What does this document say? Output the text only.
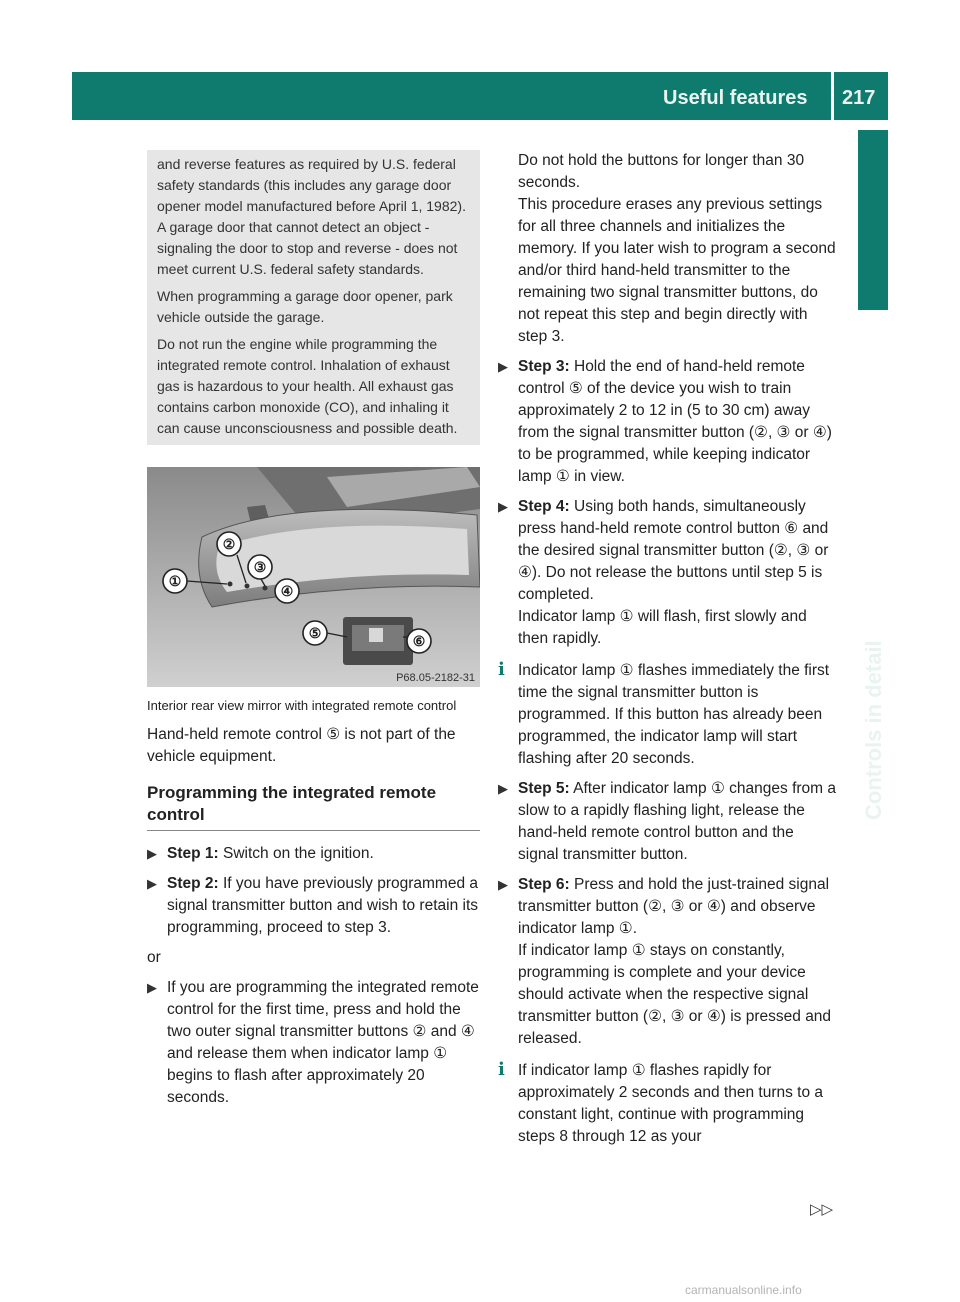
Useful features 217
Controls in detail

and reverse features as required by U.S. federal safety standards (this includes any garage door opener model manufactured before April 1, 1982). A garage door that cannot detect an object - signaling the door to stop and reverse - does not meet current U.S. federal safety standards.

When programming a garage door opener, park vehicle outside the garage.

Do not run the engine while programming the integrated remote control. Inhalation of exhaust gas is hazardous to your health. All exhaust gas contains carbon monoxide (CO), and inhaling it can cause unconsciousness and possible death.

①
②
③
④
⑤	⑥
P68.05-2182-31
Interior rear view mirror with integrated remote control

Hand-held remote control ⑤ is not part of the vehicle equipment.

Programming the integrated remote control
▶ Step 1: Switch on the ignition.
▶ Step 2: If you have previously programmed a signal transmitter button and wish to retain its programming, proceed to step 3.
or
▶ If you are programming the integrated remote control for the first time, press and hold the two outer signal transmitter buttons ② and ④ and release them when indicator lamp ① begins to flash after approximately 20 seconds.

Do not hold the buttons for longer than 30 seconds.

This procedure erases any previous settings for all three channels and initializes the memory. If you later wish to program a second and/or third hand-held transmitter to the remaining two signal transmitter buttons, do not repeat this step and begin directly with step 3.

▶ Step 3: Hold the end of hand-held remote control ⑤ of the device you wish to train approximately 2 to 12 in (5 to 30 cm) away from the signal transmitter button (②, ③ or ④) to be programmed, while keeping indicator lamp ① in view.
▶ Step 4: Using both hands, simultaneously press hand-held remote control button ⑥ and the desired signal transmitter button (②, ③ or ④). Do not release the buttons until step 5 is completed.
Indicator lamp ① will flash, first slowly and then rapidly.
i Indicator lamp ① flashes immediately the first time the signal transmitter button is programmed. If this button has already been programmed, the indicator lamp will start flashing after 20 seconds.
▶ Step 5: After indicator lamp ① changes from a slow to a rapidly flashing light, release the hand-held remote control button and the signal transmitter button.
▶ Step 6: Press and hold the just-trained signal transmitter button (②, ③ or ④) and observe indicator lamp ①.
If indicator lamp ① stays on constantly, programming is complete and your device should activate when the respective signal transmitter button (②, ③ or ④) is pressed and released.
i If indicator lamp ① flashes rapidly for approximately 2 seconds and then turns to a constant light, continue with programming steps 8 through 12 as your
▷▷
carmanualsonline.info
